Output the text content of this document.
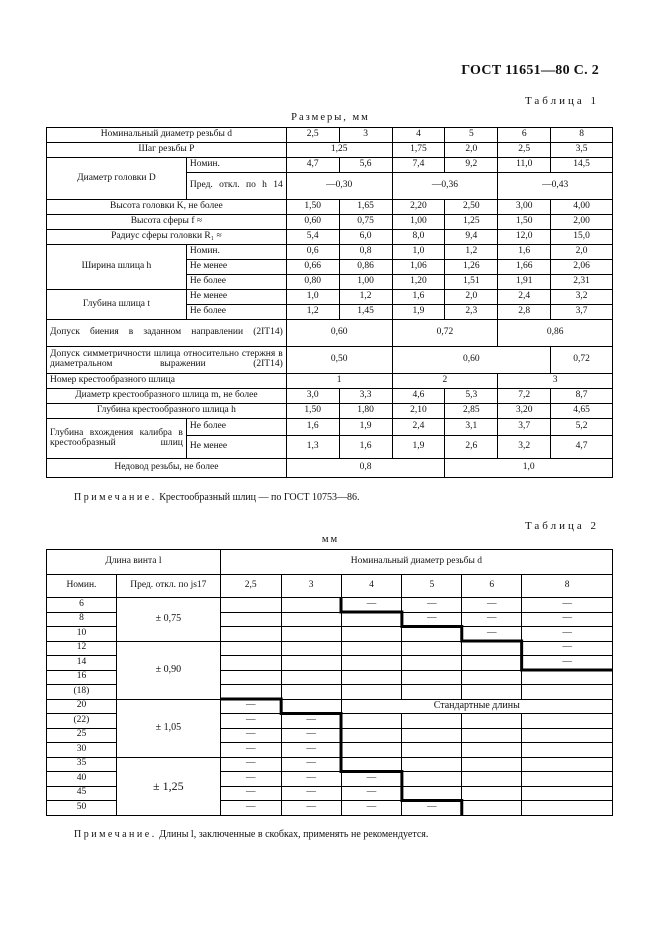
ГОСТ 11651—80 С. 2
Таблица 1
Размеры, мм
Номинальный диаметр резьбы d		2,5	3	4	5	6	8
Шаг резьбы P		1,25		1,75	2,0	2,5	3,5
Диаметр головки D	Номин.	4,7	5,6	7,4	9,2	11,0	14,5
	Пред. откл. по h 14	—0,30		—0,36		—0,43	
Высота головки K, не более		1,50	1,65	2,20	2,50	3,00	4,00
Высота сферы f ≈		0,60	0,75	1,00	1,25	1,50	2,00
Радиус сферы головки R₁ ≈		5,4	6,0	8,0	9,4	12,0	15,0
Ширина шлица h	Номин.	0,6	0,8	1,0	1,2	1,6	2,0
	Не менее	0,66	0,86	1,06	1,26	1,66	2,06
	Не более	0,80	1,00	1,20	1,51	1,91	2,31
Глубина шлица t	Не менее	1,0	1,2	1,6	2,0	2,4	3,2
	Не более	1,2	1,45	1,9	2,3	2,8	3,7
Допуск биения в заданном направлении (2IT14)		0,60		0,72		0,86	
Допуск симметричности шлица относительно стержня в диаметральном выражении (2IT14)		0,50		0,60			0,72
Номер крестообразного шлица		1		2		3	
Диаметр крестообразного шлица m, не более		3,0	3,3	4,6	5,3	7,2	8,7
Глубина крестообразного шлица h		1,50	1,80	2,10	2,85	3,20	4,65
Глубина вхождения калибра в крестообразный шлиц	Не более	1,6	1,9	2,4	3,1	3,7	5,2
	Не менее	1,3	1,6	1,9	2,6	3,2	4,7
Недовод резьбы, не более		0,8			1,0		
Примечание. Крестообразный шлиц — по ГОСТ 10753—86.
Таблица 2
мм
Длина винта l		Номинальный диаметр резьбы d					
Номин.	Пред. откл. по js17	2,5	3	4	5	6	8
6	± 0,75			—	—	—	—
8					—	—	—
10						—	—
12	± 0,90						—
14							—
16							
(18)							
20	± 1,05	—		Стандартные длины			
(22)		—	—				
25		—	—				
30		—	—				
35	± 1,25	—	—				
40		—	—	—			
45		—	—	—			
50		—	—	—	—		
Примечание. Длины l, заключенные в скобках, применять не рекомендуется.
